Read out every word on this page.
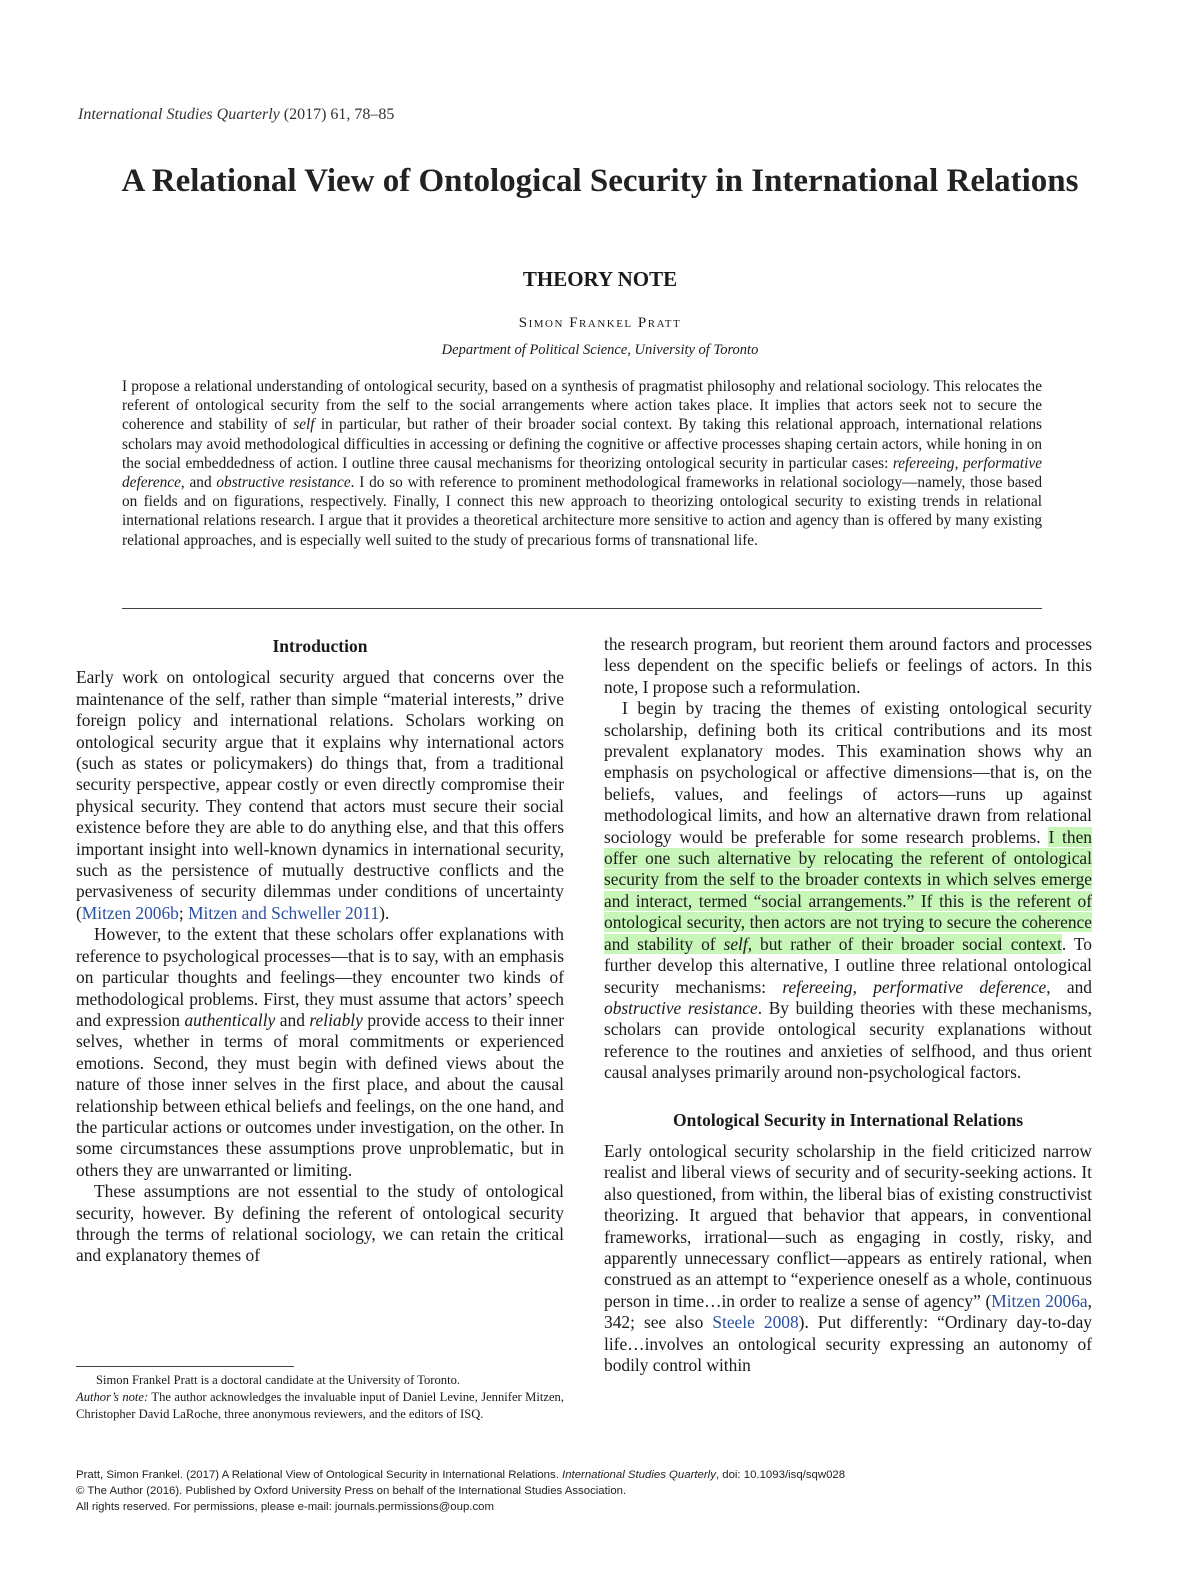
International Studies Quarterly (2017) 61, 78–85
A Relational View of Ontological Security in International Relations
THEORY NOTE
Simon Frankel Pratt
Department of Political Science, University of Toronto

I propose a relational understanding of ontological security, based on a synthesis of pragmatist philosophy and relational sociology. This relocates the referent of ontological security from the self to the social arrangements where action takes place. It implies that actors seek not to secure the coherence and stability of self in particular, but rather of their broader social context. By taking this relational approach, international relations scholars may avoid methodological difficulties in accessing or defining the cognitive or affective processes shaping certain actors, while honing in on the social embeddedness of action. I outline three causal mechanisms for theorizing ontological security in particular cases: refereeing, performative deference, and obstructive resistance. I do so with reference to prominent methodological frameworks in relational sociology—namely, those based on fields and on figurations, respectively. Finally, I connect this new approach to theorizing ontological security to existing trends in relational international relations research. I argue that it provides a theoretical architecture more sensitive to action and agency than is offered by many existing relational approaches, and is especially well suited to the study of precarious forms of transnational life.

Introduction

Early work on ontological security argued that concerns over the maintenance of the self, rather than simple “material interests,” drive foreign policy and international relations. Scholars working on ontological security argue that it explains why international actors (such as states or policymakers) do things that, from a traditional security perspective, appear costly or even directly compromise their physical security. They contend that actors must secure their social existence before they are able to do anything else, and that this offers important insight into well-known dynamics in international security, such as the persistence of mutually destructive conflicts and the pervasiveness of security dilemmas under conditions of uncertainty (Mitzen 2006b; Mitzen and Schweller 2011).

However, to the extent that these scholars offer explanations with reference to psychological processes—that is to say, with an emphasis on particular thoughts and feelings—they encounter two kinds of methodological problems. First, they must assume that actors’ speech and expression authentically and reliably provide access to their inner selves, whether in terms of moral commitments or experienced emotions. Second, they must begin with defined views about the nature of those inner selves in the first place, and about the causal relationship between ethical beliefs and feelings, on the one hand, and the particular actions or outcomes under investigation, on the other. In some circumstances these assumptions prove unproblematic, but in others they are unwarranted or limiting.

These assumptions are not essential to the study of ontological security, however. By defining the referent of ontological security through the terms of relational sociology, we can retain the critical and explanatory themes of

the research program, but reorient them around factors and processes less dependent on the specific beliefs or feelings of actors. In this note, I propose such a reformulation.

I begin by tracing the themes of existing ontological security scholarship, defining both its critical contributions and its most prevalent explanatory modes. This examination shows why an emphasis on psychological or affective dimensions—that is, on the beliefs, values, and feelings of actors—runs up against methodological limits, and how an alternative drawn from relational sociology would be preferable for some research problems. I then offer one such alternative by relocating the referent of ontological security from the self to the broader contexts in which selves emerge and interact, termed “social arrangements.” If this is the referent of ontological security, then actors are not trying to secure the coherence and stability of self, but rather of their broader social context. To further develop this alternative, I outline three relational ontological security mechanisms: refereeing, performative deference, and obstructive resistance. By building theories with these mechanisms, scholars can provide ontological security explanations without reference to the routines and anxieties of selfhood, and thus orient causal analyses primarily around non-psychological factors.

Ontological Security in International Relations

Early ontological security scholarship in the field criticized narrow realist and liberal views of security and of security-seeking actions. It also questioned, from within, the liberal bias of existing constructivist theorizing. It argued that behavior that appears, in conventional frameworks, irrational—such as engaging in costly, risky, and apparently unnecessary conflict—appears as entirely rational, when construed as an attempt to “experience oneself as a whole, continuous person in time…in order to realize a sense of agency” (Mitzen 2006a, 342; see also Steele 2008). Put differently: “Ordinary day-to-day life…involves an ontological security expressing an autonomy of bodily control within

Simon Frankel Pratt is a doctoral candidate at the University of Toronto.

Author’s note: The author acknowledges the invaluable input of Daniel Levine, Jennifer Mitzen, Christopher David LaRoche, three anonymous reviewers, and the editors of ISQ.

Pratt, Simon Frankel. (2017) A Relational View of Ontological Security in International Relations. International Studies Quarterly, doi: 10.1093/isq/sqw028
© The Author (2016). Published by Oxford University Press on behalf of the International Studies Association.
All rights reserved. For permissions, please e-mail: journals.permissions@oup.com
